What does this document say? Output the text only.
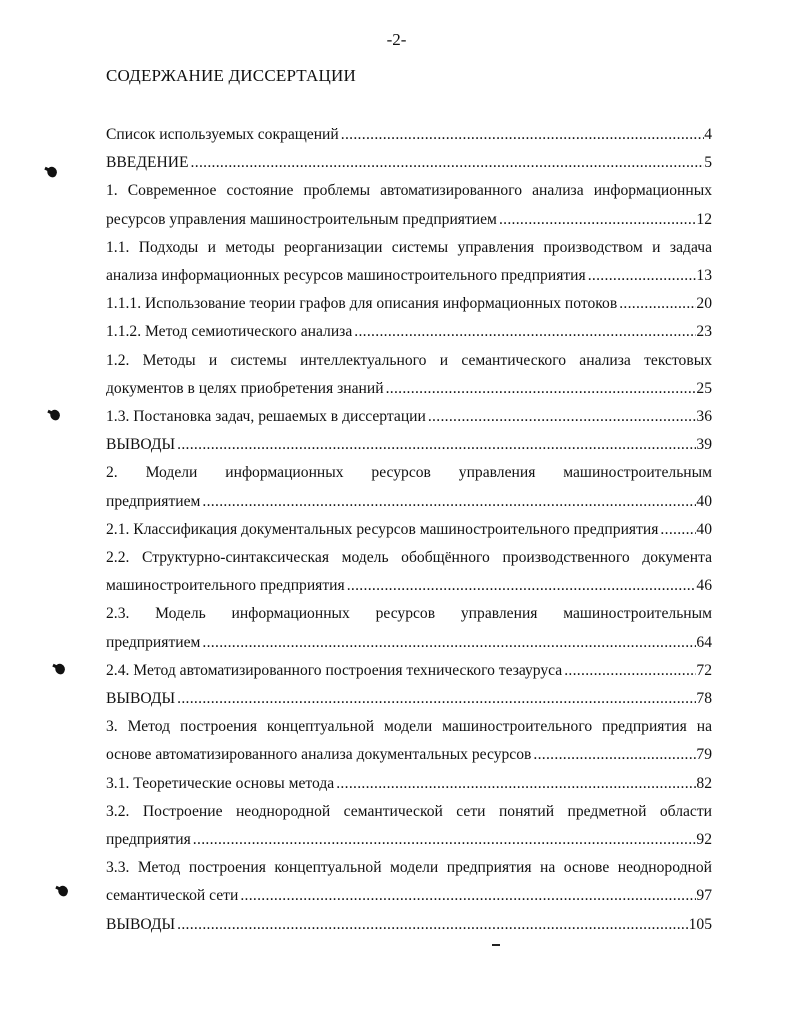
-2-
СОДЕРЖАНИЕ ДИССЕРТАЦИИ
Список используемых сокращений .....	4
ВВЕДЕНИЕ .....	5
1. Современное состояние проблемы автоматизированного анализа информационных
ресурсов управления машиностроительным предприятием .....	12
1.1. Подходы и методы реорганизации системы управления производством и задача
анализа информационных ресурсов машиностроительного предприятия .....	13
1.1.1. Использование теории графов для описания информационных потоков .....	20
1.1.2. Метод семиотического анализа .....	23
1.2. Методы и системы интеллектуального и семантического анализа текстовых
документов в целях приобретения знаний .....	25
1.3. Постановка задач, решаемых в диссертации .....	36
ВЫВОДЫ .....	39
2. Модели информационных ресурсов управления машиностроительным
предприятием .....	40
2.1. Классификация документальных ресурсов машиностроительного предприятия ..... 40
2.2. Структурно-синтаксическая модель обобщённого производственного документа
машиностроительного предприятия .....	46
2.3. Модель информационных ресурсов управления машиностроительным
предприятием .....	64
2.4. Метод автоматизированного построения технического тезауруса .....	72
ВЫВОДЫ .....	78
3. Метод построения концептуальной модели машиностроительного предприятия на
основе автоматизированного анализа документальных ресурсов .....	79
3.1. Теоретические основы метода .....	82
3.2. Построение неоднородной семантической сети понятий предметной области
предприятия .....	92
3.3. Метод построения концептуальной модели предприятия на основе неоднородной
семантической сети .....	97
ВЫВОДЫ .....	105
